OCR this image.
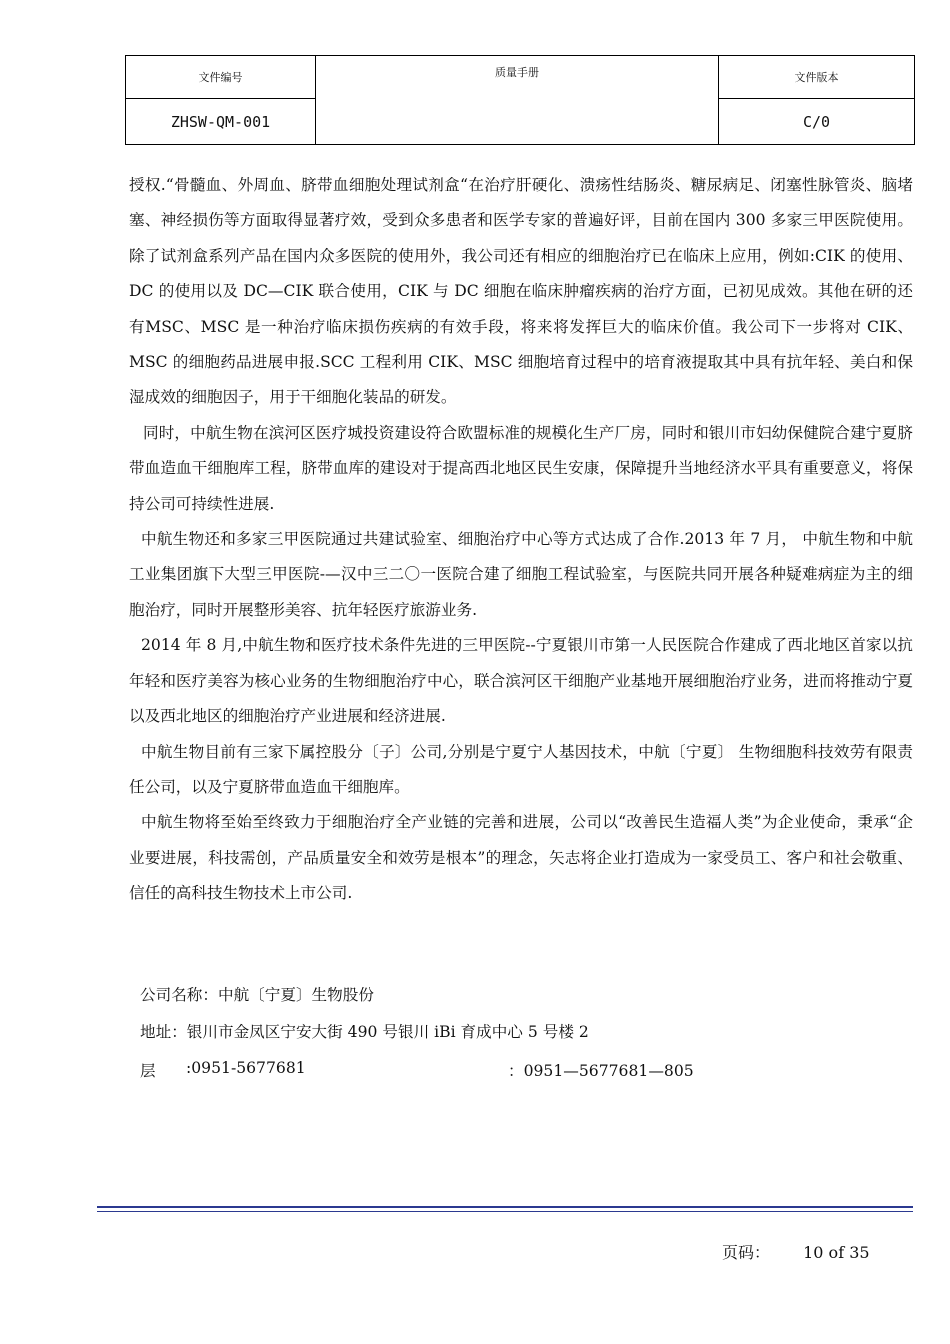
文件编号	质量手册	文件版本
ZHSW-QM-001		C/0

授权.“骨髓血、外周血、脐带血细胞处理试剂盒“在治疗肝硬化、溃疡性结肠炎、糖尿病足、闭塞性脉管炎、脑堵塞、神经损伤等方面取得显著疗效，受到众多患者和医学专家的普遍好评，目前在国内 300 多家三甲医院使用。除了试剂盒系列产品在国内众多医院的使用外，我公司还有相应的细胞治疗已在临床上应用，例如:CIK 的使用、DC 的使用以及 DC—CIK 联合使用，CIK 与 DC 细胞在临床肿瘤疾病的治疗方面，已初见成效。其他在研的还有MSC、MSC 是一种治疗临床损伤疾病的有效手段，将来将发挥巨大的临床价值。我公司下一步将对 CIK、MSC 的细胞药品进展申报.SCC 工程利用 CIK、MSC 细胞培育过程中的培育液提取其中具有抗年轻、美白和保湿成效的细胞因子，用于干细胞化装品的研发。

同时，中航生物在滨河区医疗城投资建设符合欧盟标准的规模化生产厂房，同时和银川市妇幼保健院合建宁夏脐带血造血干细胞库工程，脐带血库的建设对于提高西北地区民生安康，保障提升当地经济水平具有重要意义，将保持公司可持续性进展.

中航生物还和多家三甲医院通过共建试验室、细胞治疗中心等方式达成了合作.2013 年 7 月， 中航生物和中航工业集团旗下大型三甲医院-—汉中三二〇一医院合建了细胞工程试验室，与医院共同开展各种疑难病症为主的细胞治疗，同时开展整形美容、抗年轻医疗旅游业务.

2014 年 8 月,中航生物和医疗技术条件先进的三甲医院--宁夏银川市第一人民医院合作建成了西北地区首家以抗年轻和医疗美容为核心业务的生物细胞治疗中心，联合滨河区干细胞产业基地开展细胞治疗业务，进而将推动宁夏以及西北地区的细胞治疗产业进展和经济进展.

中航生物目前有三家下属控股分〔子〕公司,分别是宁夏宁人基因技术，中航〔宁夏〕 生物细胞科技效劳有限责任公司，以及宁夏脐带血造血干细胞库。

中航生物将至始至终致力于细胞治疗全产业链的完善和进展，公司以“改善民生造福人类”为企业使命，秉承“企业要进展，科技需创，产品质量安全和效劳是根本”的理念，矢志将企业打造成为一家受员工、客户和社会敬重、信任的高科技生物技术上市公司.

公司名称：中航〔宁夏〕生物股份
地址：银川市金凤区宁安大街 490 号银川 iBi 育成中心 5 号楼 2
层 :0951-5677681	：0951—5677681—805
页码： 10 of 35
